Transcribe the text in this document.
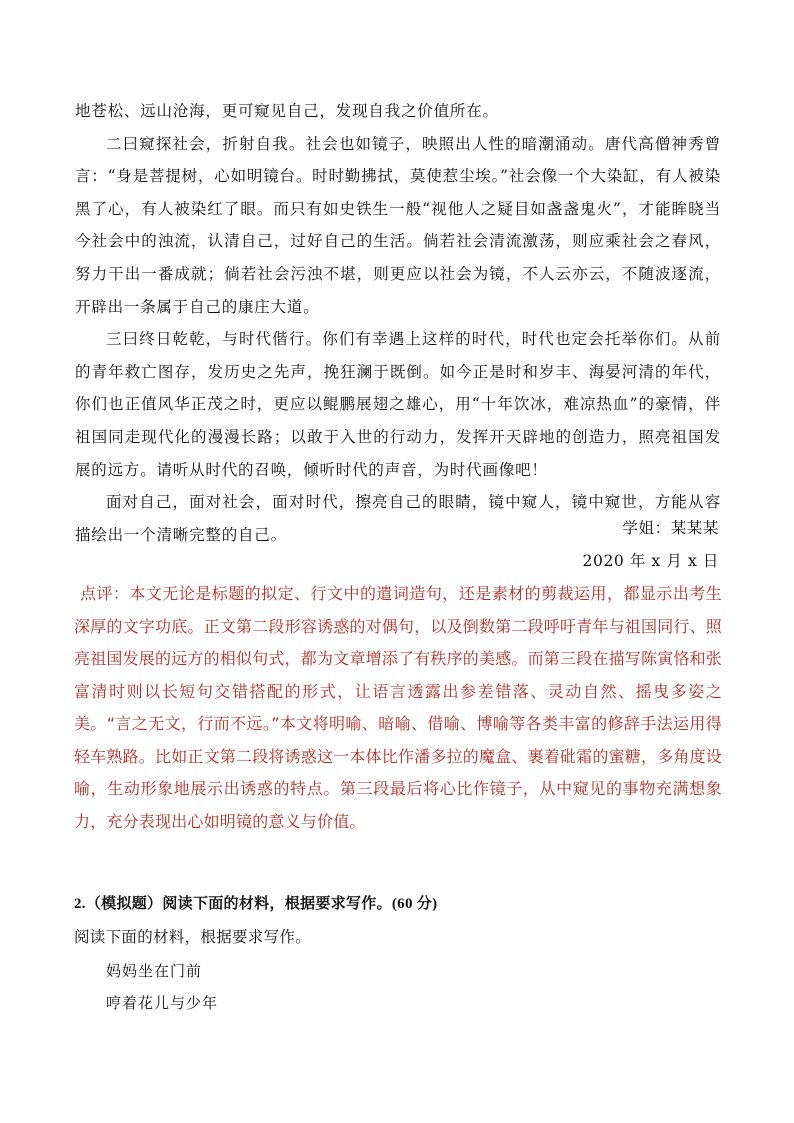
地苍松、远山沧海，更可窥见自己，发现自我之价值所在。

二曰窥探社会，折射自我。社会也如镜子，映照出人性的暗潮涌动。唐代高僧神秀曾言：“身是菩提树，心如明镜台。时时勤拂拭，莫使惹尘埃。”社会像一个大染缸，有人被染黑了心，有人被染红了眼。而只有如史铁生一般“视他人之疑目如盏盏鬼火”，才能眸晓当今社会中的浊流，认清自己，过好自己的生活。倘若社会清流激荡，则应乘社会之春风，努力干出一番成就；倘若社会污浊不堪，则更应以社会为镜，不人云亦云，不随波逐流，开辟出一条属于自己的康庄大道。

三曰终日乾乾，与时代偕行。你们有幸遇上这样的时代，时代也定会托举你们。从前的青年救亡图存，发历史之先声，挽狂澜于既倒。如今正是时和岁丰、海晏河清的年代，你们也正值风华正茂之时，更应以鲲鹏展翅之雄心，用“十年饮冰，难凉热血”的豪情，伴祖国同走现代化的漫漫长路；以敢于入世的行动力，发挥开天辟地的创造力，照亮祖国发展的远方。请听从时代的召唤，倾听时代的声音，为时代画像吧！

面对自己，面对社会，面对时代，擦亮自己的眼睛，镜中窥人，镜中窥世，方能从容描绘出一个清晰完整的自己。	学姐：某某某
2020 年 x 月 x 日

点评：本文无论是标题的拟定、行文中的遣词造句，还是素材的剪裁运用，都显示出考生深厚的文字功底。正文第二段形容诱惑的对偶句，以及倒数第二段呼吁青年与祖国同行、照亮祖国发展的远方的相似句式，都为文章增添了有秩序的美感。而第三段在描写陈寅恪和张富清时则以长短句交错搭配的形式，让语言透露出参差错落、灵动自然、摇曳多姿之美。“言之无文，行而不远。”本文将明喻、暗喻、借喻、博喻等各类丰富的修辞手法运用得轻车熟路。比如正文第二段将诱惑这一本体比作潘多拉的魔盒、裹着砒霜的蜜糖，多角度设喻，生动形象地展示出诱惑的特点。第三段最后将心比作镜子，从中窥见的事物充满想象力，充分表现出心如明镜的意义与价值。

2.（模拟题）阅读下面的材料，根据要求写作。(60 分)

阅读下面的材料，根据要求写作。

妈妈坐在门前
哼着花儿与少年
